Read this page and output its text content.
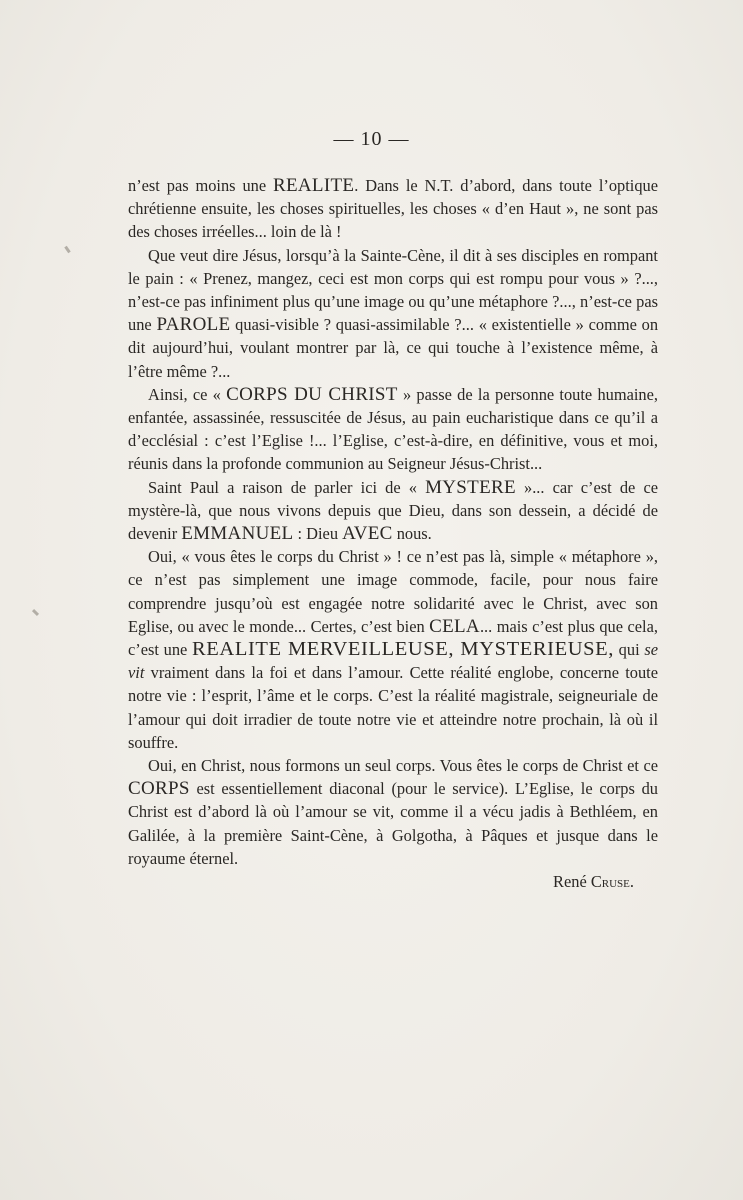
— 10 —

n’est pas moins une REALITE. Dans le N.T. d’abord, dans toute l’optique chrétienne ensuite, les choses spirituelles, les choses « d’en Haut », ne sont pas des choses irréelles... loin de là !

Que veut dire Jésus, lorsqu’à la Sainte-Cène, il dit à ses disciples en rompant le pain : « Prenez, mangez, ceci est mon corps qui est rompu pour vous » ?..., n’est-ce pas infiniment plus qu’une image ou qu’une métaphore ?..., n’est-ce pas une PAROLE quasi-visible ? quasi-assimilable ?... « existentielle » comme on dit aujourd’hui, voulant montrer par là, ce qui touche à l’existence même, à l’être même ?...

Ainsi, ce « CORPS DU CHRIST » passe de la personne toute humaine, enfantée, assassinée, ressuscitée de Jésus, au pain eucharistique dans ce qu’il a d’ecclésial : c’est l’Eglise !... l’Eglise, c’est-à-dire, en définitive, vous et moi, réunis dans la profonde communion au Seigneur Jésus-Christ...

Saint Paul a raison de parler ici de « MYSTERE »... car c’est de ce mystère-là, que nous vivons depuis que Dieu, dans son dessein, a décidé de devenir EMMANUEL : Dieu AVEC nous.

Oui, « vous êtes le corps du Christ » ! ce n’est pas là, simple « métaphore », ce n’est pas simplement une image commode, facile, pour nous faire comprendre jusqu’où est engagée notre solidarité avec le Christ, avec son Eglise, ou avec le monde... Certes, c’est bien CELA... mais c’est plus que cela, c’est une REALITE MERVEILLEUSE, MYSTERIEUSE, qui se vit vraiment dans la foi et dans l’amour. Cette réalité englobe, concerne toute notre vie : l’esprit, l’âme et le corps. C’est la réalité magistrale, seigneuriale de l’amour qui doit irradier de toute notre vie et atteindre notre prochain, là où il souffre.

Oui, en Christ, nous formons un seul corps. Vous êtes le corps de Christ et ce CORPS est essentiellement diaconal (pour le service). L’Eglise, le corps du Christ est d’abord là où l’amour se vit, comme il a vécu jadis à Bethléem, en Galilée, à la première Saint-Cène, à Golgotha, à Pâques et jusque dans le royaume éternel.

René Cruse.
